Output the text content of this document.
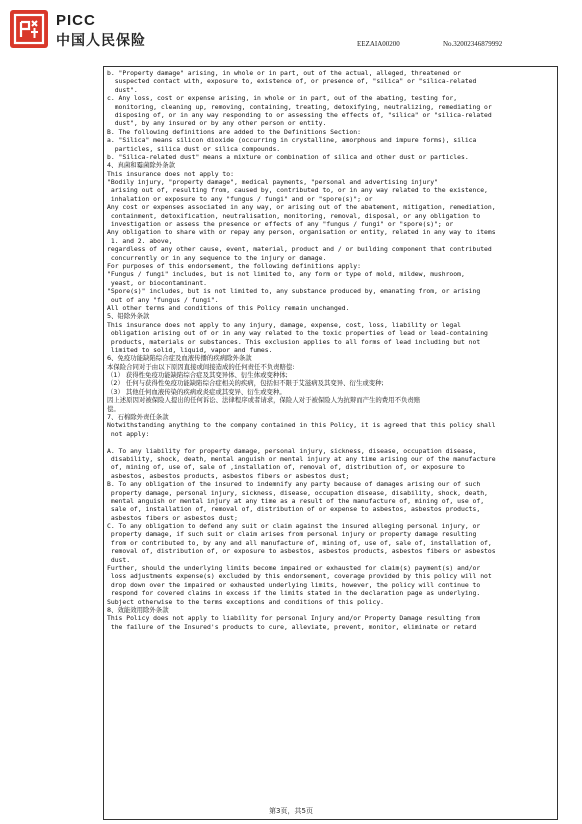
PICC
中国人民保险	EEZAIA00200	No.32002346879992
b. "Property damage" arising, in whole or in part, out of the actual, alleged, threatened or
suspected contact with, exposure to, existence of, or presence of, "silica" or "silica-related
dust".
c. Any loss, cost or expense arising, in whole or in part, out of the abating, testing for,
monitoring, cleaning up, removing, containing, treating, detoxifying, neutralizing, remediating or
disposing of, or in any way responding to or assessing the effects of, "silica" or "silica-related
dust", by any insured or by any other person or entity.
B. The following definitions are added to the Definitions Section:
a. "Silica" means silicon dioxide (occurring in crystalline, amorphous and impure forms), silica
particles, silica dust or silica compounds.
b. "Silica-related dust" means a mixture or combination of silica and other dust or particles.
4、真菌和霉菌除外条款
This insurance does not apply to:
"Bodily injury, "property damage", medical payments, "personal and advertising injury"
arising out of, resulting from, caused by, contributed to, or in any way related to the existence,
inhalation or exposure to any "fungus / fungi" and or "spore(s)"; or
Any cost or expenses associated in any way, or arising out of the abatement, mitigation, remediation,
containment, detoxification, neutralisation, monitoring, removal, disposal, or any obligation to
investigation or assess the presence or effects of any "fungus / fungi" or "spore(s)"; or
Any obligation to share with or repay any person, organisation or entity, related in any way to items
1. and 2. above,
regardless of any other cause, event, material, product and / or building component that contributed
concurrently or in any sequence to the injury or damage.
For purposes of this endorsement, the following definitions apply:
"Fungus / fungi" includes, but is not limited to, any form or type of mold, mildew, mushroom,
yeast, or biocontaminant.
"Spore(s)" includes, but is not limited to, any substance produced by, emanating from, or arising
out of any "fungus / fungi".
All other terms and conditions of this Policy remain unchanged.
5、铅除外条款
This insurance does not apply to any injury, damage, expense, cost, loss, liability or legal
obligation arising out of or in any way related to the toxic properties of lead or lead-containing
products, materials or substances. This exclusion applies to all forms of lead including but not
limited to solid, liquid, vapor and fumes.
6、免疫功能缺陷综合症及血液传播的疾病除外条款
本保险合同对于由以下原因直接或间接造成的任何责任不负责赔偿:
（1） 获得性免疫功能缺陷综合症及其变异体、衍生体或变种体;
（2） 任何与获得性免疫功能缺陷综合症相关的疾病，包括但不限于艾滋病及其变异、衍生或变种;
（3） 其他任何血液传染的疾病或炎症或其变异、衍生或变种。
因上述原因对被保险人提出的任何诉讼、法律程序或者请求，保险人对于被保险人为抗辩而产生的费用不负责赔
偿。
7、石棉除外责任条款
Notwithstanding anything to the company contained in this Policy, it is agreed that this policy shall
not apply:
A. To any liability for property damage, personal injury, sickness, disease, occupation disease,
disability, shock, death, mental anguish or mental injury at any time arising our of the manufacture
of, mining of, use of, sale of ,installation of, removal of, distribution of, or exposure to
asbestos, asbestos products, asbestos fibers or asbestos dust;
B. To any obligation of the insured to indemnify any party because of damages arising our of such
property damage, personal injury, sickness, disease, occupation disease, disability, shock, death,
mental anguish or mental injury at any time as a result of the manufacture of, mining of, use of,
sale of, installation of, removal of, distribution of or expense to asbestos, asbestos products,
asbestos fibers or asbestos dust;
C. To any obligation to defend any suit or claim against the insured alleging personal injury, or
property damage, if such suit or claim arises from personal injury or property damage resulting
from or contributed to, by any and all manufacture of, mining of, use of, sale of, installation of,
removal of, distribution of, or exposure to asbestos, asbestos products, asbestos fibers or asbestos
dust.
Further, should the underlying limits become impaired or exhausted for claim(s) payment(s) and/or
loss adjustments expense(s) excluded by this endorsement, coverage provided by this policy will not
drop down over the impaired or exhausted underlying limits, however, the policy will continue to
respond for covered claims in excess if the limits stated in the declaration page as underlying.
Subject otherwise to the terms exceptions and conditions of this policy.
8、效能效用除外条款
This Policy does not apply to liability for personal Injury and/or Property Damage resulting from
the failure of the Insured's products to cure, alleviate, prevent, monitor, eliminate or retard
第3页，共5页
